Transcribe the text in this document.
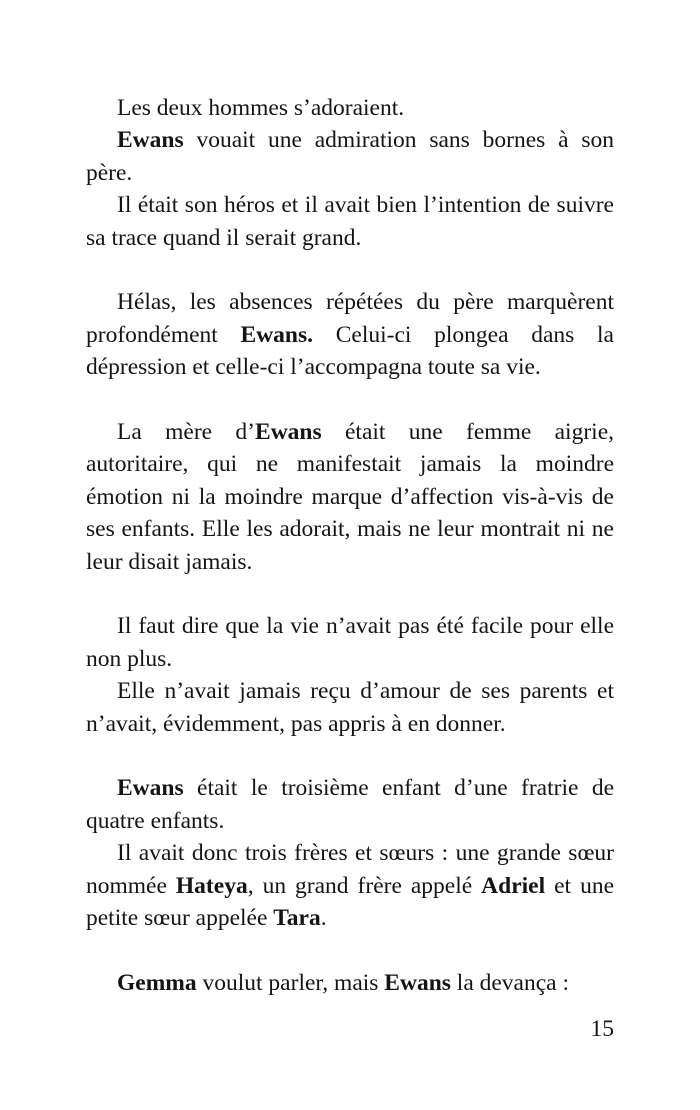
Les deux hommes s’adoraient.

Ewans vouait une admiration sans bornes à son père.

Il était son héros et il avait bien l’intention de suivre sa trace quand il serait grand.

Hélas, les absences répétées du père marquèrent profondément Ewans. Celui-ci plongea dans la dépression et celle-ci l’accompagna toute sa vie.

La mère d’Ewans était une femme aigrie, autoritaire, qui ne manifestait jamais la moindre émotion ni la moindre marque d’affection vis-à-vis de ses enfants. Elle les adorait, mais ne leur montrait ni ne leur disait jamais.

Il faut dire que la vie n’avait pas été facile pour elle non plus.

Elle n’avait jamais reçu d’amour de ses parents et n’avait, évidemment, pas appris à en donner.

Ewans était le troisième enfant d’une fratrie de quatre enfants.

Il avait donc trois frères et sœurs : une grande sœur nommée Hateya, un grand frère appelé Adriel et une petite sœur appelée Tara.

Gemma voulut parler, mais Ewans la devança :

15
